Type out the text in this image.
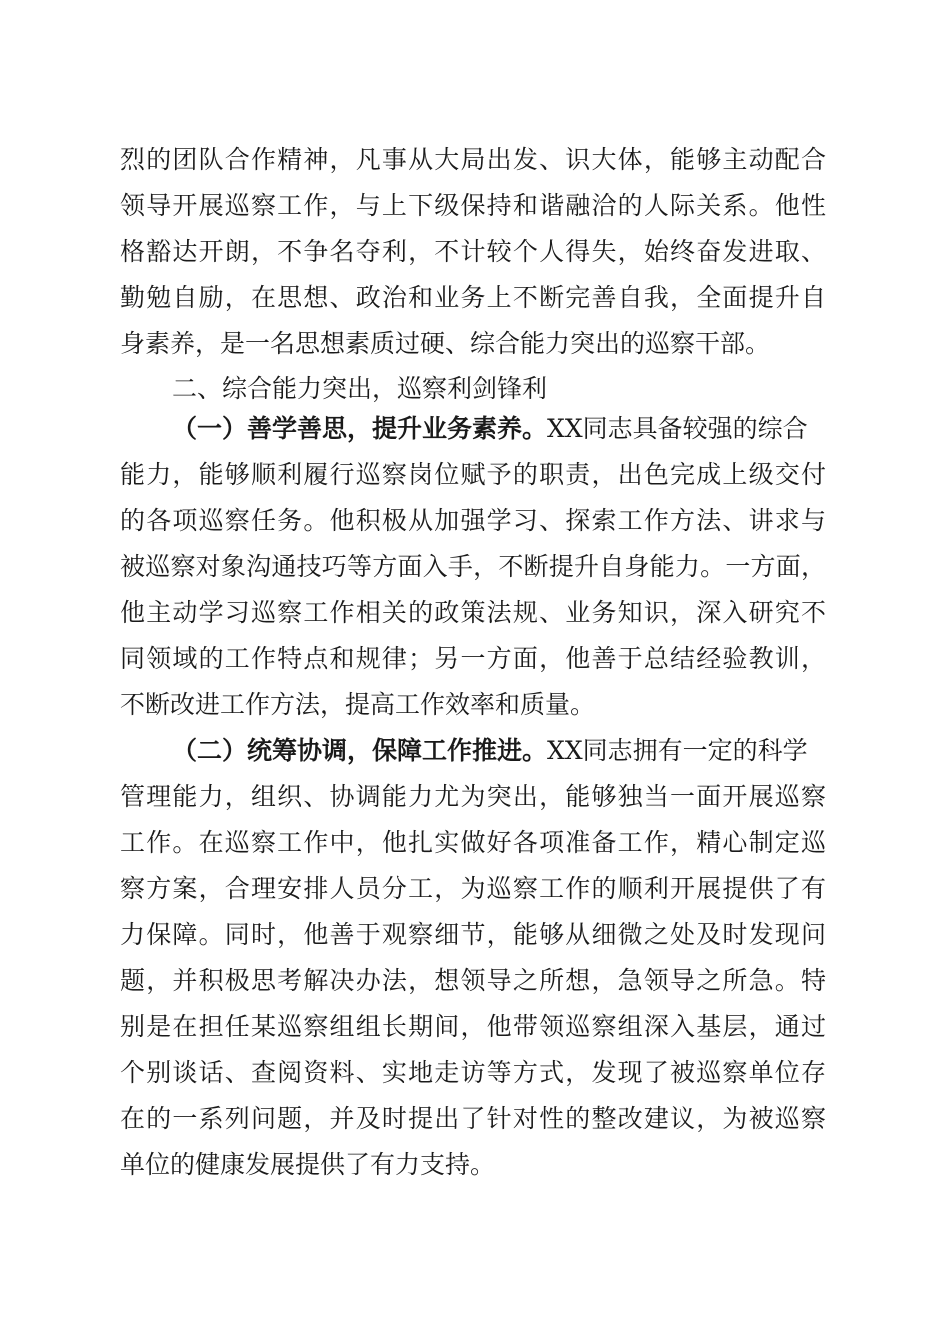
烈的团队合作精神，凡事从大局出发、识大体，能够主动配合
领导开展巡察工作，与上下级保持和谐融洽的人际关系。他性
格豁达开朗，不争名夺利，不计较个人得失，始终奋发进取、
勤勉自励，在思想、政治和业务上不断完善自我，全面提升自
身素养，是一名思想素质过硬、综合能力突出的巡察干部。
二、综合能力突出，巡察利剑锋利
（一）善学善思，提升业务素养。XX同志具备较强的综合
能力，能够顺利履行巡察岗位赋予的职责，出色完成上级交付
的各项巡察任务。他积极从加强学习、探索工作方法、讲求与
被巡察对象沟通技巧等方面入手，不断提升自身能力。一方面，
他主动学习巡察工作相关的政策法规、业务知识，深入研究不
同领域的工作特点和规律；另一方面，他善于总结经验教训，
不断改进工作方法，提高工作效率和质量。
（二）统筹协调，保障工作推进。XX同志拥有一定的科学
管理能力，组织、协调能力尤为突出，能够独当一面开展巡察
工作。在巡察工作中，他扎实做好各项准备工作，精心制定巡
察方案，合理安排人员分工，为巡察工作的顺利开展提供了有
力保障。同时，他善于观察细节，能够从细微之处及时发现问
题，并积极思考解决办法，想领导之所想，急领导之所急。特
别是在担任某巡察组组长期间，他带领巡察组深入基层，通过
个别谈话、查阅资料、实地走访等方式，发现了被巡察单位存
在的一系列问题，并及时提出了针对性的整改建议，为被巡察
单位的健康发展提供了有力支持。
